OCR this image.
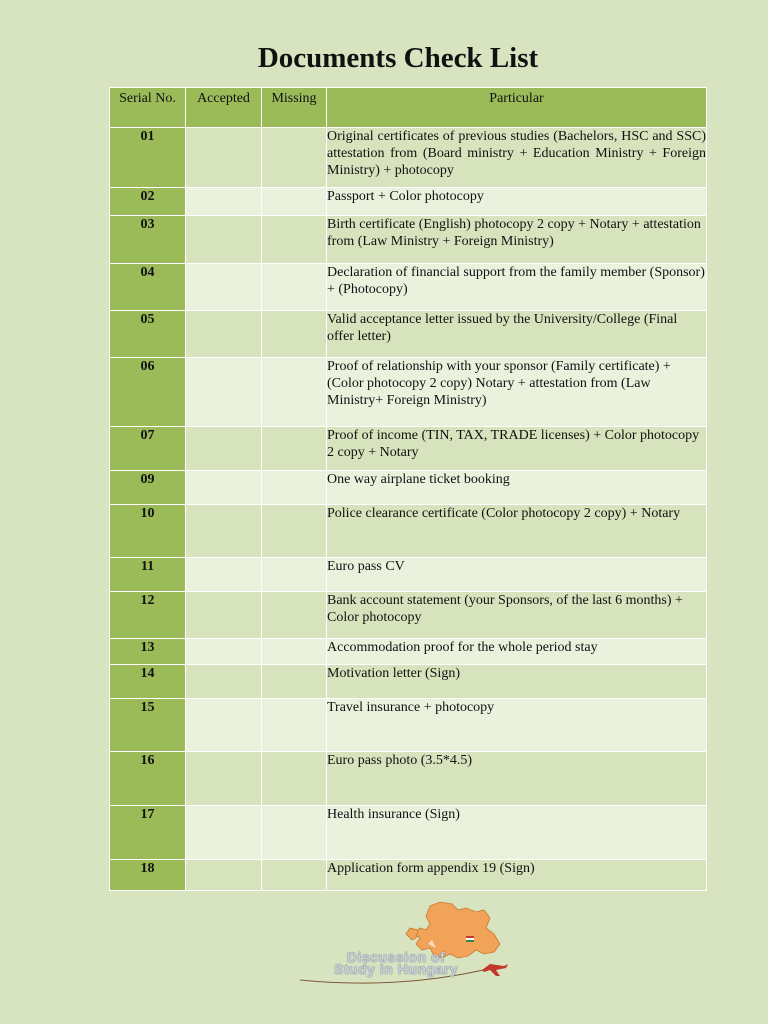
Documents Check List
Serial No.	Accepted	Missing	Particular
01			Original certificates of previous studies (Bachelors, HSC and SSC) attestation from (Board ministry + Education Ministry + Foreign Ministry) + photocopy
02			Passport + Color photocopy
03			Birth certificate (English) photocopy 2 copy + Notary + attestation from (Law Ministry + Foreign Ministry)
04			Declaration of financial support from the family member (Sponsor) + (Photocopy)
05			Valid acceptance letter issued by the University/College (Final offer letter)
06			Proof of relationship with your sponsor (Family certificate) + (Color photocopy 2 copy) Notary + attestation from (Law Ministry+ Foreign Ministry)
07			Proof of income (TIN, TAX, TRADE licenses) + Color photocopy 2 copy + Notary
09			One way airplane ticket booking
10			Police clearance certificate (Color photocopy 2 copy) + Notary
11			Euro pass CV
12			Bank account statement (your Sponsors, of the last 6 months) + Color photocopy
13			Accommodation proof for the whole period stay
14			Motivation letter (Sign)
15			Travel insurance + photocopy
16			Euro pass photo (3.5*4.5)
17			Health insurance (Sign)
18			Application form appendix 19 (Sign)
Discussion of
Study in Hungary
